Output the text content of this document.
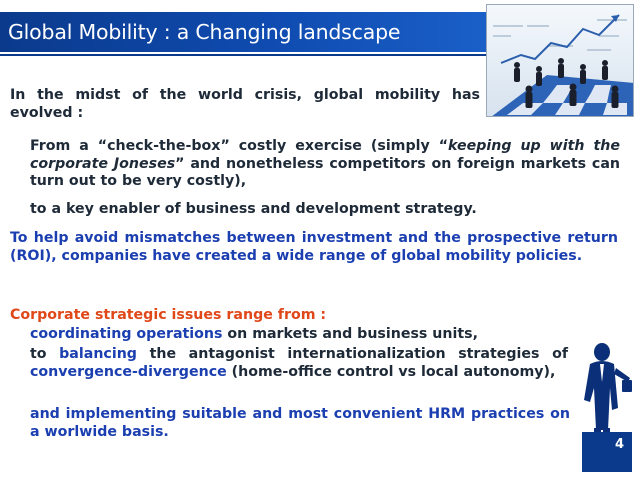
Global Mobility : a Changing landscape
In the midst of the world crisis, global mobility has evolved :
From a “check-the-box” costly exercise (simply “keeping up with the corporate Joneses” and nonetheless competitors on foreign markets can turn out to be very costly),
to a key enabler of business and development strategy.
To help avoid mismatches between investment and the prospective return (ROI), companies have created a wide range of global mobility policies.
Corporate strategic issues range from :
coordinating operations on markets and business units,
to balancing the antagonist internationalization strategies of convergence-divergence (home-office control vs local autonomy),
and implementing suitable and most convenient HRM practices on a worlwide basis.
4
